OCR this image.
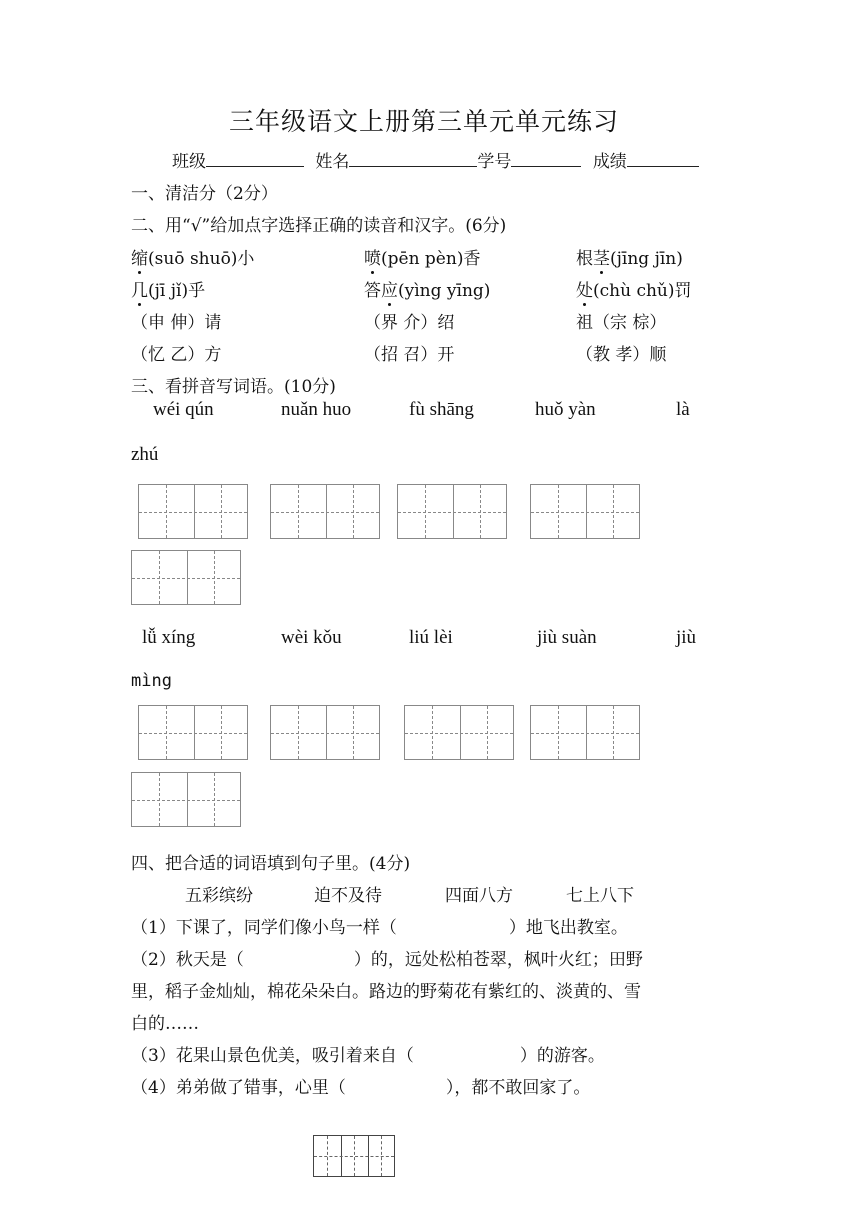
三年级语文上册第三单元单元练习
班级	姓名	学号	成绩
一、清洁分（2分）
二、用“√”给加点字选择正确的读音和汉字。(6分)
缩(suō shuō)小	喷(pēn pèn)香	根茎(jīng jīn)
几(jī jǐ)乎	答应(yìng yīng)	处(chù chǔ)罚
（申 伸）请	（界 介）绍	祖（宗 棕）
（忆 乙）方	（招 召）开	（教 孝）顺
三、看拼音写词语。(10分)
wéi qún	nuǎn huo	fù shāng	huǒ yàn	là
zhú
lǚ xíng	wèi kǒu	liú lèi	jiù suàn	jiù
mìng
四、把合适的词语填到句子里。(4分)
五彩缤纷	迫不及待	四面八方	七上八下
（1）下课了，同学们像小鸟一样（	）地飞出教室。
（2）秋天是（	）的，远处松柏苍翠，枫叶火红；田野
里，稻子金灿灿，棉花朵朵白。路边的野菊花有紫红的、淡黄的、雪
白的……
（3）花果山景色优美，吸引着来自（	）的游客。
（4）弟弟做了错事，心里（	），都不敢回家了。
